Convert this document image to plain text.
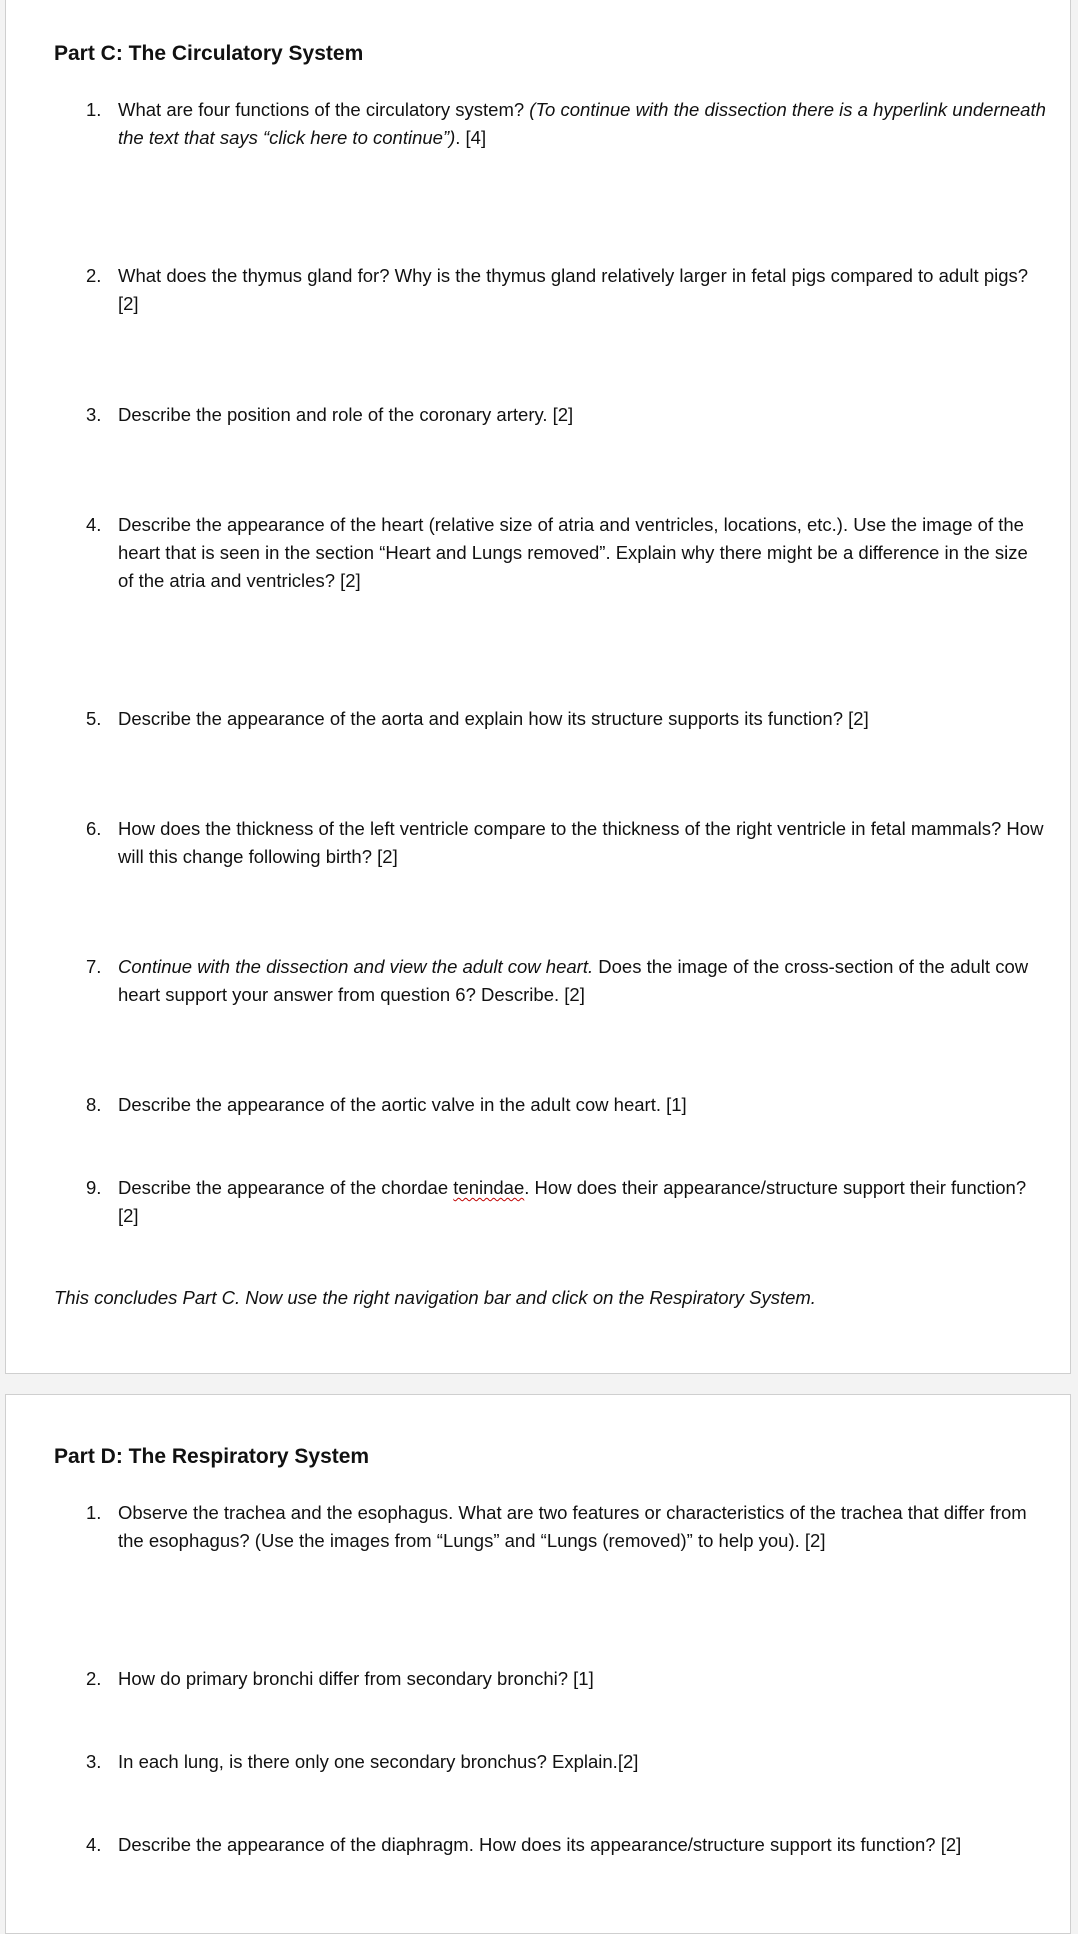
Part C: The Circulatory System
1. What are four functions of the circulatory system? (To continue with the dissection there is a hyperlink underneath the text that says “click here to continue”). [4]
2. What does the thymus gland for? Why is the thymus gland relatively larger in fetal pigs compared to adult pigs? [2]
3. Describe the position and role of the coronary artery. [2]
4. Describe the appearance of the heart (relative size of atria and ventricles, locations, etc.). Use the image of the heart that is seen in the section “Heart and Lungs removed”. Explain why there might be a difference in the size of the atria and ventricles? [2]
5. Describe the appearance of the aorta and explain how its structure supports its function? [2]
6. How does the thickness of the left ventricle compare to the thickness of the right ventricle in fetal mammals? How will this change following birth? [2]
7. Continue with the dissection and view the adult cow heart. Does the image of the cross-section of the adult cow heart support your answer from question 6? Describe. [2]
8. Describe the appearance of the aortic valve in the adult cow heart. [1]
9. Describe the appearance of the chordae tenindae. How does their appearance/structure support their function? [2]
This concludes Part C. Now use the right navigation bar and click on the Respiratory System.
Part D: The Respiratory System
1. Observe the trachea and the esophagus. What are two features or characteristics of the trachea that differ from the esophagus? (Use the images from “Lungs” and “Lungs (removed)” to help you). [2]
2. How do primary bronchi differ from secondary bronchi? [1]
3. In each lung, is there only one secondary bronchus? Explain.[2]
4. Describe the appearance of the diaphragm. How does its appearance/structure support its function? [2]
